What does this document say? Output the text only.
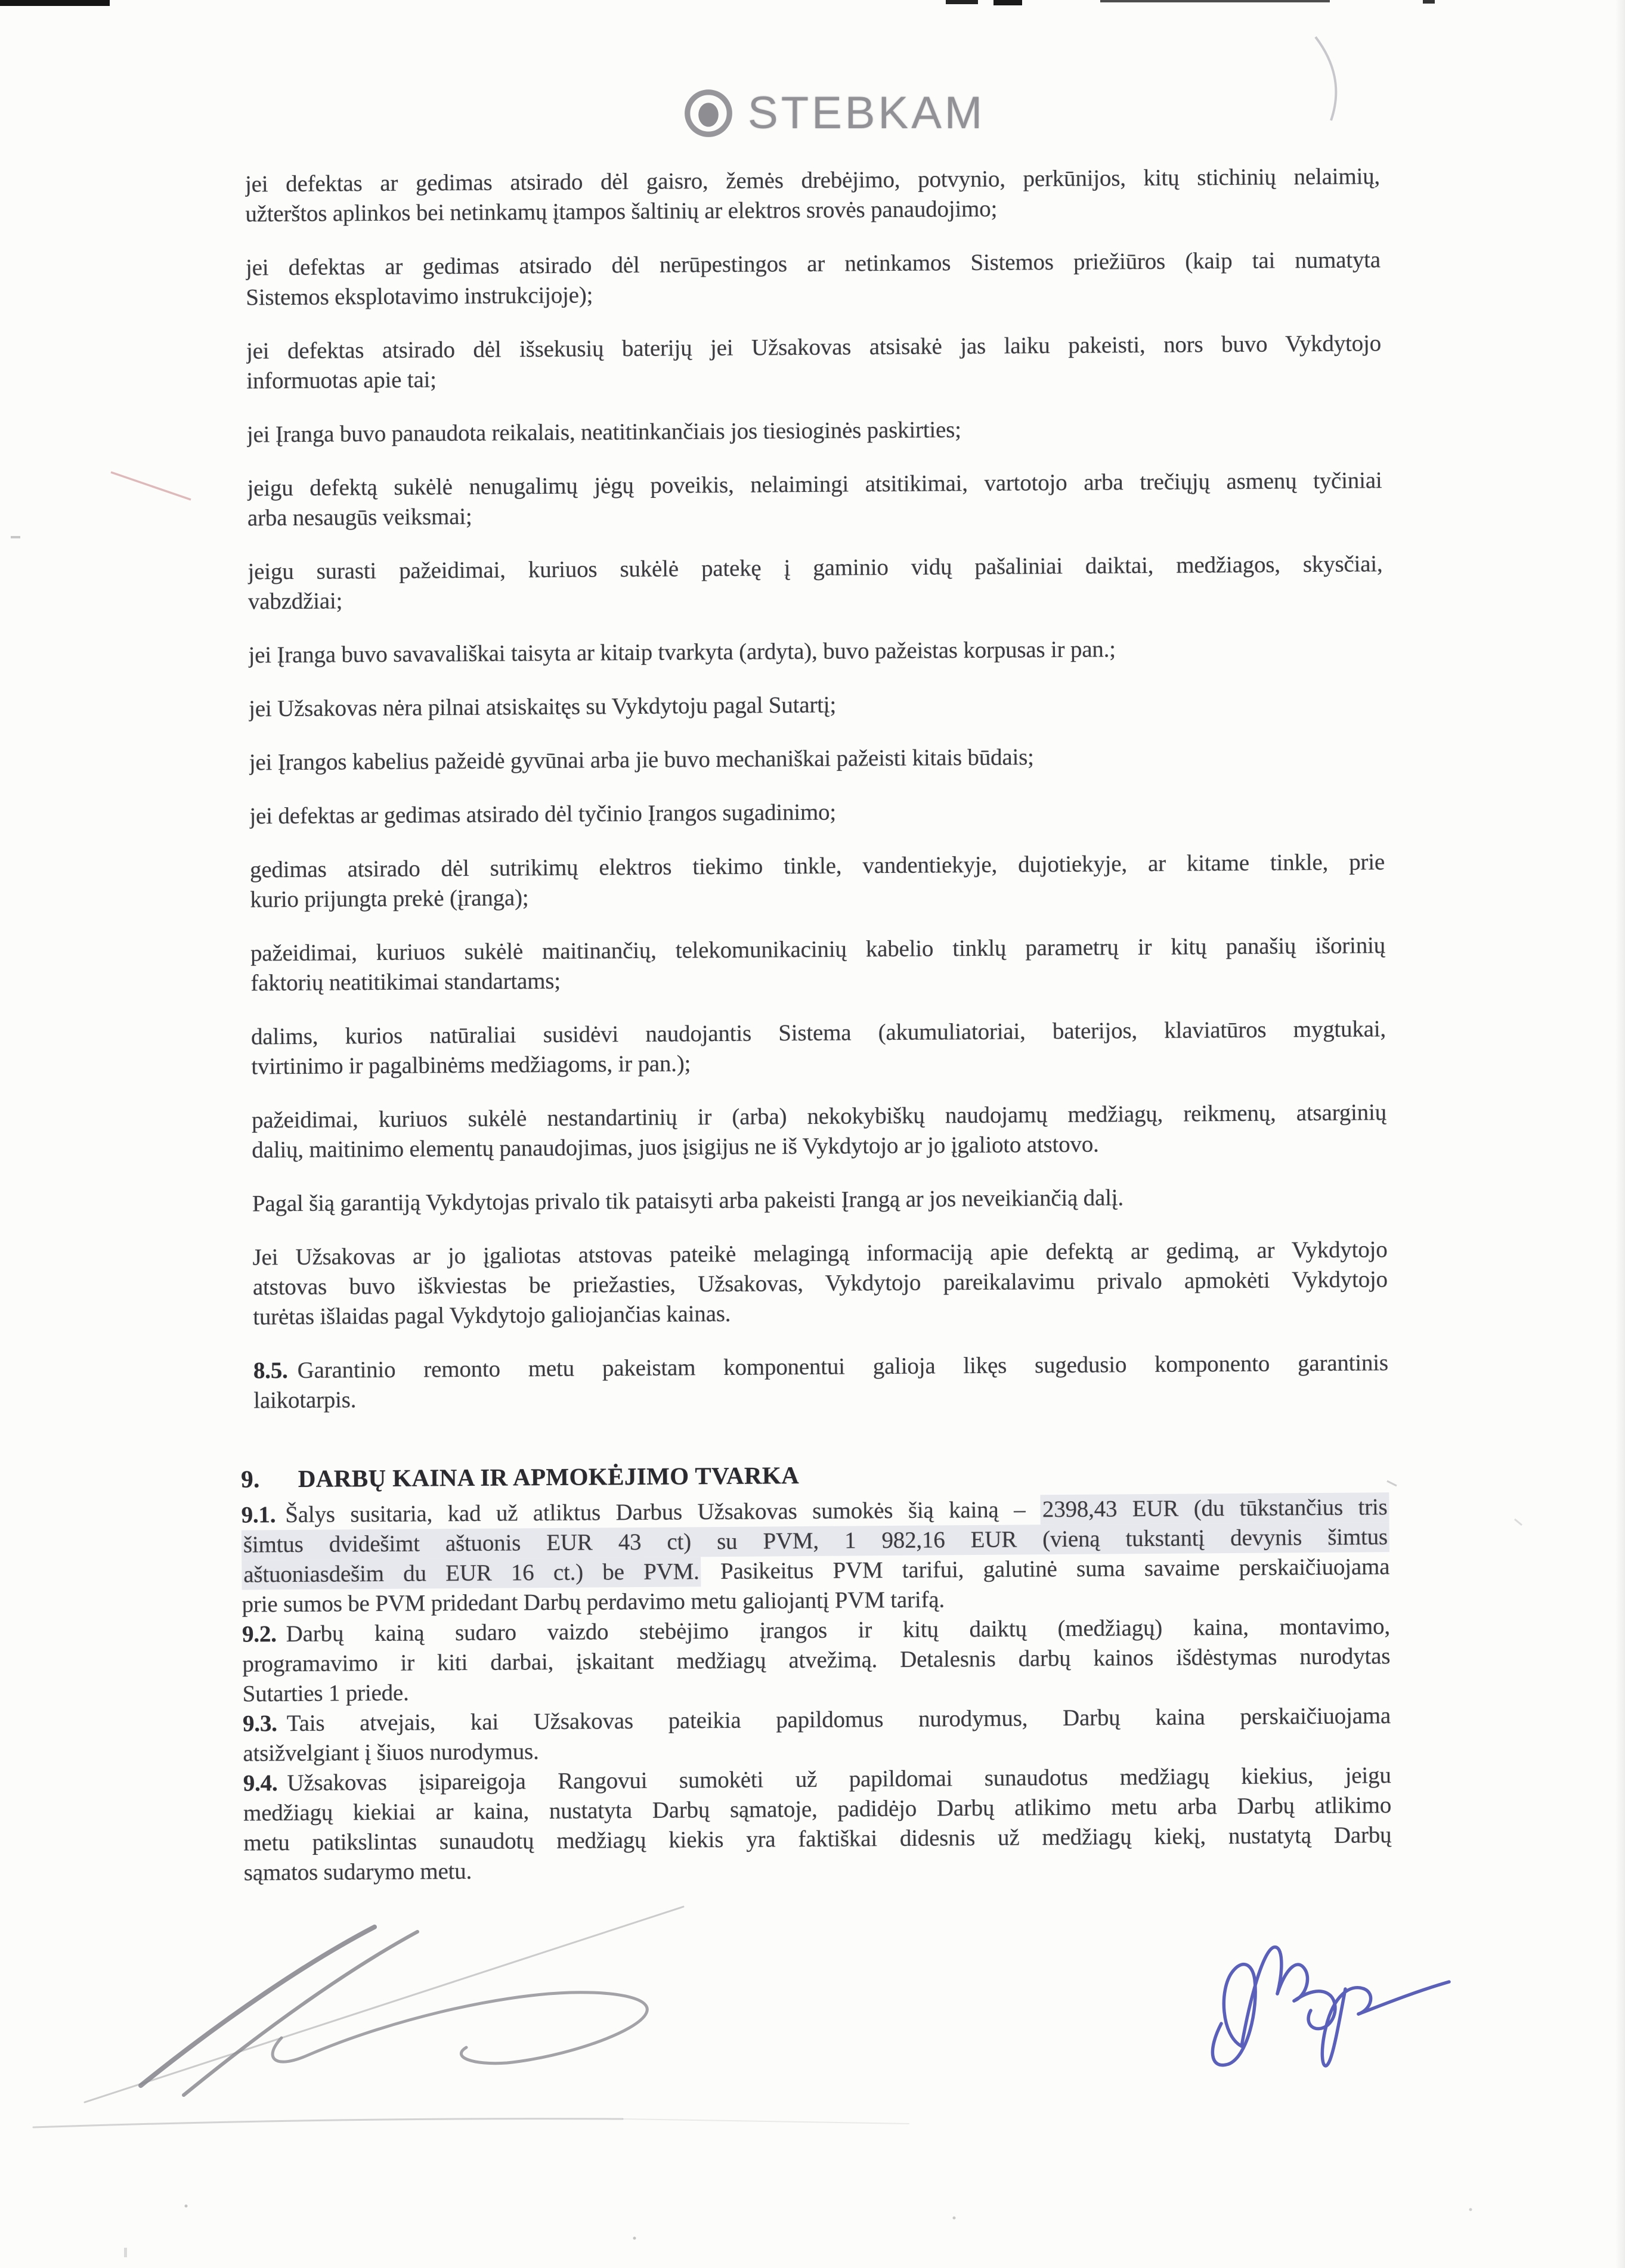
STEBKAM
jei defektas ar gedimas atsirado dėl gaisro, žemės drebėjimo, potvynio, perkūnijos, kitų stichinių nelaimių,
užterštos aplinkos bei netinkamų įtampos šaltinių ar elektros srovės panaudojimo;
jei defektas ar gedimas atsirado dėl nerūpestingos ar netinkamos Sistemos priežiūros (kaip tai numatyta
Sistemos eksplotavimo instrukcijoje);
jei defektas atsirado dėl išsekusių baterijų jei Užsakovas atsisakė jas laiku pakeisti, nors buvo Vykdytojo
informuotas apie tai;
jei Įranga buvo panaudota reikalais, neatitinkančiais jos tiesioginės paskirties;
jeigu defektą sukėlė nenugalimų jėgų poveikis, nelaimingi atsitikimai, vartotojo arba trečiųjų asmenų tyčiniai
arba nesaugūs veiksmai;
jeigu surasti pažeidimai, kuriuos sukėlė patekę į gaminio vidų pašaliniai daiktai, medžiagos, skysčiai,
vabzdžiai;
jei Įranga buvo savavališkai taisyta ar kitaip tvarkyta (ardyta), buvo pažeistas korpusas ir pan.;
jei Užsakovas nėra pilnai atsiskaitęs su Vykdytoju pagal Sutartį;
jei Įrangos kabelius pažeidė gyvūnai arba jie buvo mechaniškai pažeisti kitais būdais;
jei defektas ar gedimas atsirado dėl tyčinio Įrangos sugadinimo;
gedimas atsirado dėl sutrikimų elektros tiekimo tinkle, vandentiekyje, dujotiekyje, ar kitame tinkle, prie
kurio prijungta prekė (įranga);
pažeidimai, kuriuos sukėlė maitinančių, telekomunikacinių kabelio tinklų parametrų ir kitų panašių išorinių
faktorių neatitikimai standartams;
dalims, kurios natūraliai susidėvi naudojantis Sistema (akumuliatoriai, baterijos, klaviatūros mygtukai,
tvirtinimo ir pagalbinėms medžiagoms, ir pan.);
pažeidimai, kuriuos sukėlė nestandartinių ir (arba) nekokybiškų naudojamų medžiagų, reikmenų, atsarginių
dalių, maitinimo elementų panaudojimas, juos įsigijus ne iš Vykdytojo ar jo įgalioto atstovo.
Pagal šią garantiją Vykdytojas privalo tik pataisyti arba pakeisti Įrangą ar jos neveikiančią dalį.
Jei Užsakovas ar jo įgaliotas atstovas pateikė melagingą informaciją apie defektą ar gedimą, ar Vykdytojo
atstovas buvo iškviestas be priežasties, Užsakovas, Vykdytojo pareikalavimu privalo apmokėti Vykdytojo
turėtas išlaidas pagal Vykdytojo galiojančias kainas.
8.5. Garantinio remonto metu pakeistam komponentui galioja likęs sugedusio komponento garantinis
laikotarpis.
9. DARBŲ KAINA IR APMOKĖJIMO TVARKA
9.1. Šalys susitaria, kad už atliktus Darbus Užsakovas sumokės šią kainą – 2398,43 EUR (du tūkstančius tris
šimtus dvidešimt aštuonis EUR 43 ct) su PVM, 1 982,16 EUR (vieną tukstantį devynis šimtus
aštuoniasdešim du EUR 16 ct.) be PVM. Pasikeitus PVM tarifui, galutinė suma savaime perskaičiuojama
prie sumos be PVM pridedant Darbų perdavimo metu galiojantį PVM tarifą.
9.2. Darbų kainą sudaro vaizdo stebėjimo įrangos ir kitų daiktų (medžiagų) kaina, montavimo,
programavimo ir kiti darbai, įskaitant medžiagų atvežimą. Detalesnis darbų kainos išdėstymas nurodytas
Sutarties 1 priede.
9.3. Tais atvejais, kai Užsakovas pateikia papildomus nurodymus, Darbų kaina perskaičiuojama
atsižvelgiant į šiuos nurodymus.
9.4. Užsakovas įsipareigoja Rangovui sumokėti už papildomai sunaudotus medžiagų kiekius, jeigu
medžiagų kiekiai ar kaina, nustatyta Darbų sąmatoje, padidėjo Darbų atlikimo metu arba Darbų atlikimo
metu patikslintas sunaudotų medžiagų kiekis yra faktiškai didesnis už medžiagų kiekį, nustatytą Darbų
sąmatos sudarymo metu.
